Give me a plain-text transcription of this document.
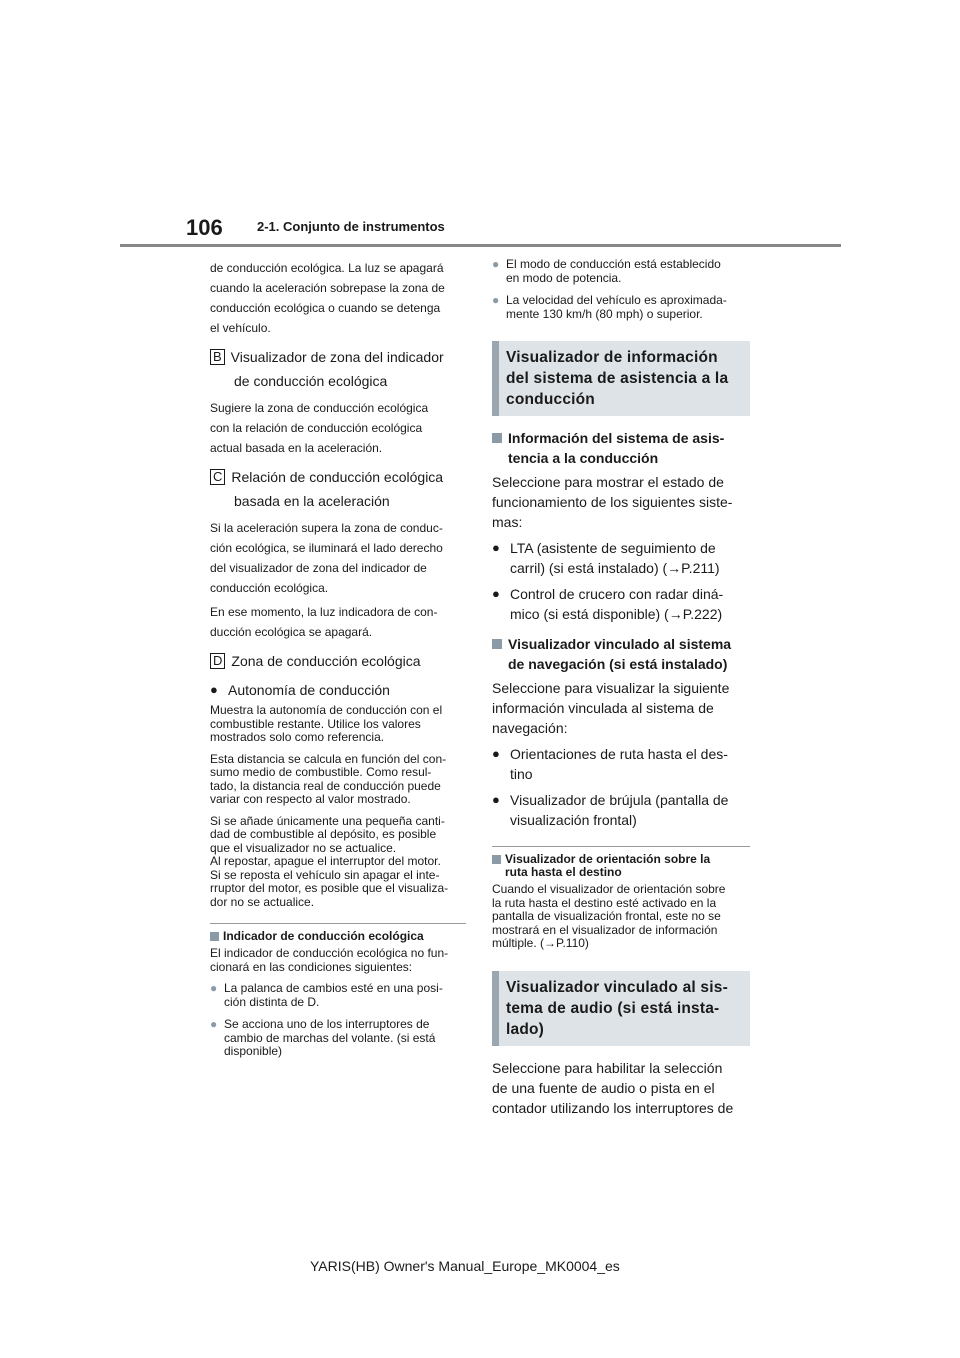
106	2-1. Conjunto de instrumentos

de conducción ecológica. La luz se apagará
cuando la aceleración sobrepase la zona de
conducción ecológica o cuando se detenga
el vehículo.

B Visualizador de zona del indicador
de conducción ecológica

Sugiere la zona de conducción ecológica
con la relación de conducción ecológica
actual basada en la aceleración.

C Relación de conducción ecológica
basada en la aceleración

Si la aceleración supera la zona de conduc-
ción ecológica, se iluminará el lado derecho
del visualizador de zona del indicador de
conducción ecológica.

En ese momento, la luz indicadora de con-
ducción ecológica se apagará.

D Zona de conducción ecológica
● Autonomía de conducción

Muestra la autonomía de conducción con el
combustible restante. Utilice los valores
mostrados solo como referencia.

Esta distancia se calcula en función del con-
sumo medio de combustible. Como resul-
tado, la distancia real de conducción puede
variar con respecto al valor mostrado.

Si se añade únicamente una pequeña canti-
dad de combustible al depósito, es posible
que el visualizador no se actualice.
Al repostar, apague el interruptor del motor.
Si se reposta el vehículo sin apagar el inte-
rruptor del motor, es posible que el visualiza-
dor no se actualice.

Indicador de conducción ecológica

El indicador de conducción ecológica no fun-
cionará en las condiciones siguientes:

● La palanca de cambios esté en una posi-
ción distinta de D.
● Se acciona uno de los interruptores de
cambio de marchas del volante. (si está
disponible)
● El modo de conducción está establecido
en modo de potencia.
● La velocidad del vehículo es aproximada-
mente 130 km/h (80 mph) o superior.
Visualizador de información
del sistema de asistencia a la
conducción
Información del sistema de asis-
tencia a la conducción

Seleccione para mostrar el estado de
funcionamiento de los siguientes siste-
mas:

● LTA (asistente de seguimiento de
carril) (si está instalado) (→P.211)
● Control de crucero con radar diná-
mico (si está disponible) (→P.222)
Visualizador vinculado al sistema
de navegación (si está instalado)

Seleccione para visualizar la siguiente
información vinculada al sistema de
navegación:

● Orientaciones de ruta hasta el des-
tino
● Visualizador de brújula (pantalla de
visualización frontal)
Visualizador de orientación sobre la
ruta hasta el destino

Cuando el visualizador de orientación sobre
la ruta hasta el destino esté activado en la
pantalla de visualización frontal, este no se
mostrará en el visualizador de información
múltiple. (→P.110)

Visualizador vinculado al sis-
tema de audio (si está insta-
lado)

Seleccione para habilitar la selección
de una fuente de audio o pista en el
contador utilizando los interruptores de

YARIS(HB) Owner's Manual_Europe_MK0004_es
